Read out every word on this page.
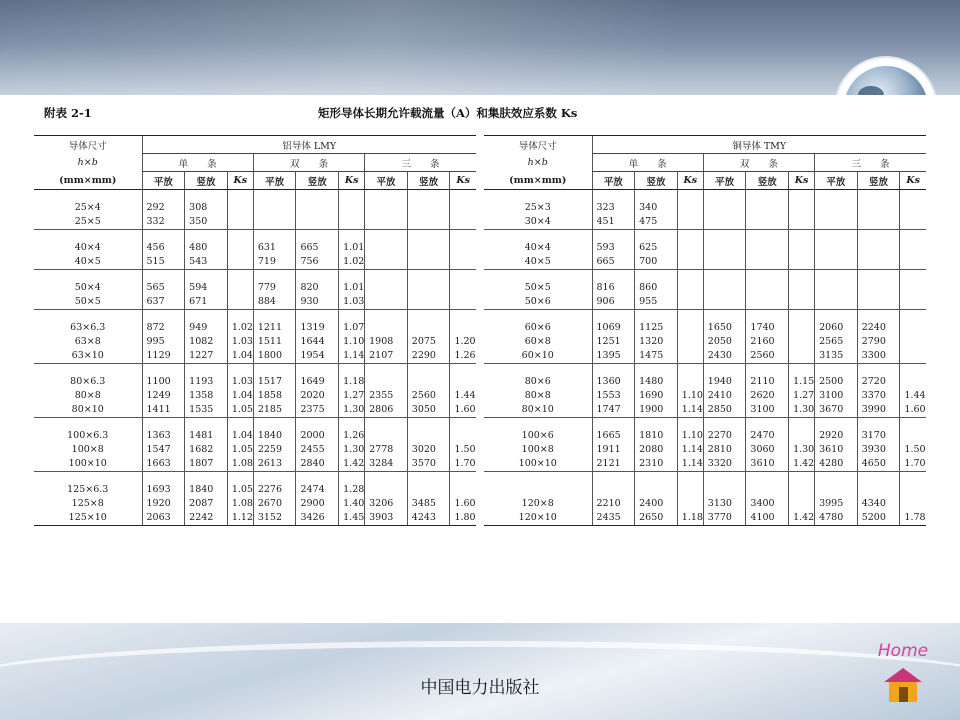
附表 2-1	矩形导体长期允许载流量（A）和集肤效应系数 Ks
导体尺寸	铝导体 LMY								
h×b	单　　条			双　　条			三　　条		
(mm×mm)	平放	竖放	Ks	平放	竖放	Ks	平放	竖放	Ks

25×4	292	308							
25×5	332	350							

40×4	456	480		631	665	1.01			
40×5	515	543		719	756	1.02			

50×4	565	594		779	820	1.01			
50×5	637	671		884	930	1.03			

63×6.3	872	949	1.02	1211	1319	1.07			
63×8	995	1082	1.03	1511	1644	1.10	1908	2075	1.20
63×10	1129	1227	1.04	1800	1954	1.14	2107	2290	1.26

80×6.3	1100	1193	1.03	1517	1649	1.18			
80×8	1249	1358	1.04	1858	2020	1.27	2355	2560	1.44
80×10	1411	1535	1.05	2185	2375	1.30	2806	3050	1.60

100×6.3	1363	1481	1.04	1840	2000	1.26			
100×8	1547	1682	1.05	2259	2455	1.30	2778	3020	1.50
100×10	1663	1807	1.08	2613	2840	1.42	3284	3570	1.70

125×6.3	1693	1840	1.05	2276	2474	1.28			
125×8	1920	2087	1.08	2670	2900	1.40	3206	3485	1.60
125×10	2063	2242	1.12	3152	3426	1.45	3903	4243	1.80
导体尺寸	铜导体 TMY								
h×b	单　　条			双　　条			三　　条		
(mm×mm)	平放	竖放	Ks	平放	竖放	Ks	平放	竖放	Ks

25×3	323	340							
30×4	451	475							

40×4	593	625							
40×5	665	700							

50×5	816	860							
50×6	906	955							

60×6	1069	1125		1650	1740		2060	2240	
60×8	1251	1320		2050	2160		2565	2790	
60×10	1395	1475		2430	2560		3135	3300	

80×6	1360	1480		1940	2110	1.15	2500	2720	
80×8	1553	1690	1.10	2410	2620	1.27	3100	3370	1.44
80×10	1747	1900	1.14	2850	3100	1.30	3670	3990	1.60

100×6	1665	1810	1.10	2270	2470		2920	3170	
100×8	1911	2080	1.14	2810	3060	1.30	3610	3930	1.50
100×10	2121	2310	1.14	3320	3610	1.42	4280	4650	1.70

120×8	2210	2400		3130	3400		3995	4340	
120×10	2435	2650	1.18	3770	4100	1.42	4780	5200	1.78
中国电力出版社
Home
